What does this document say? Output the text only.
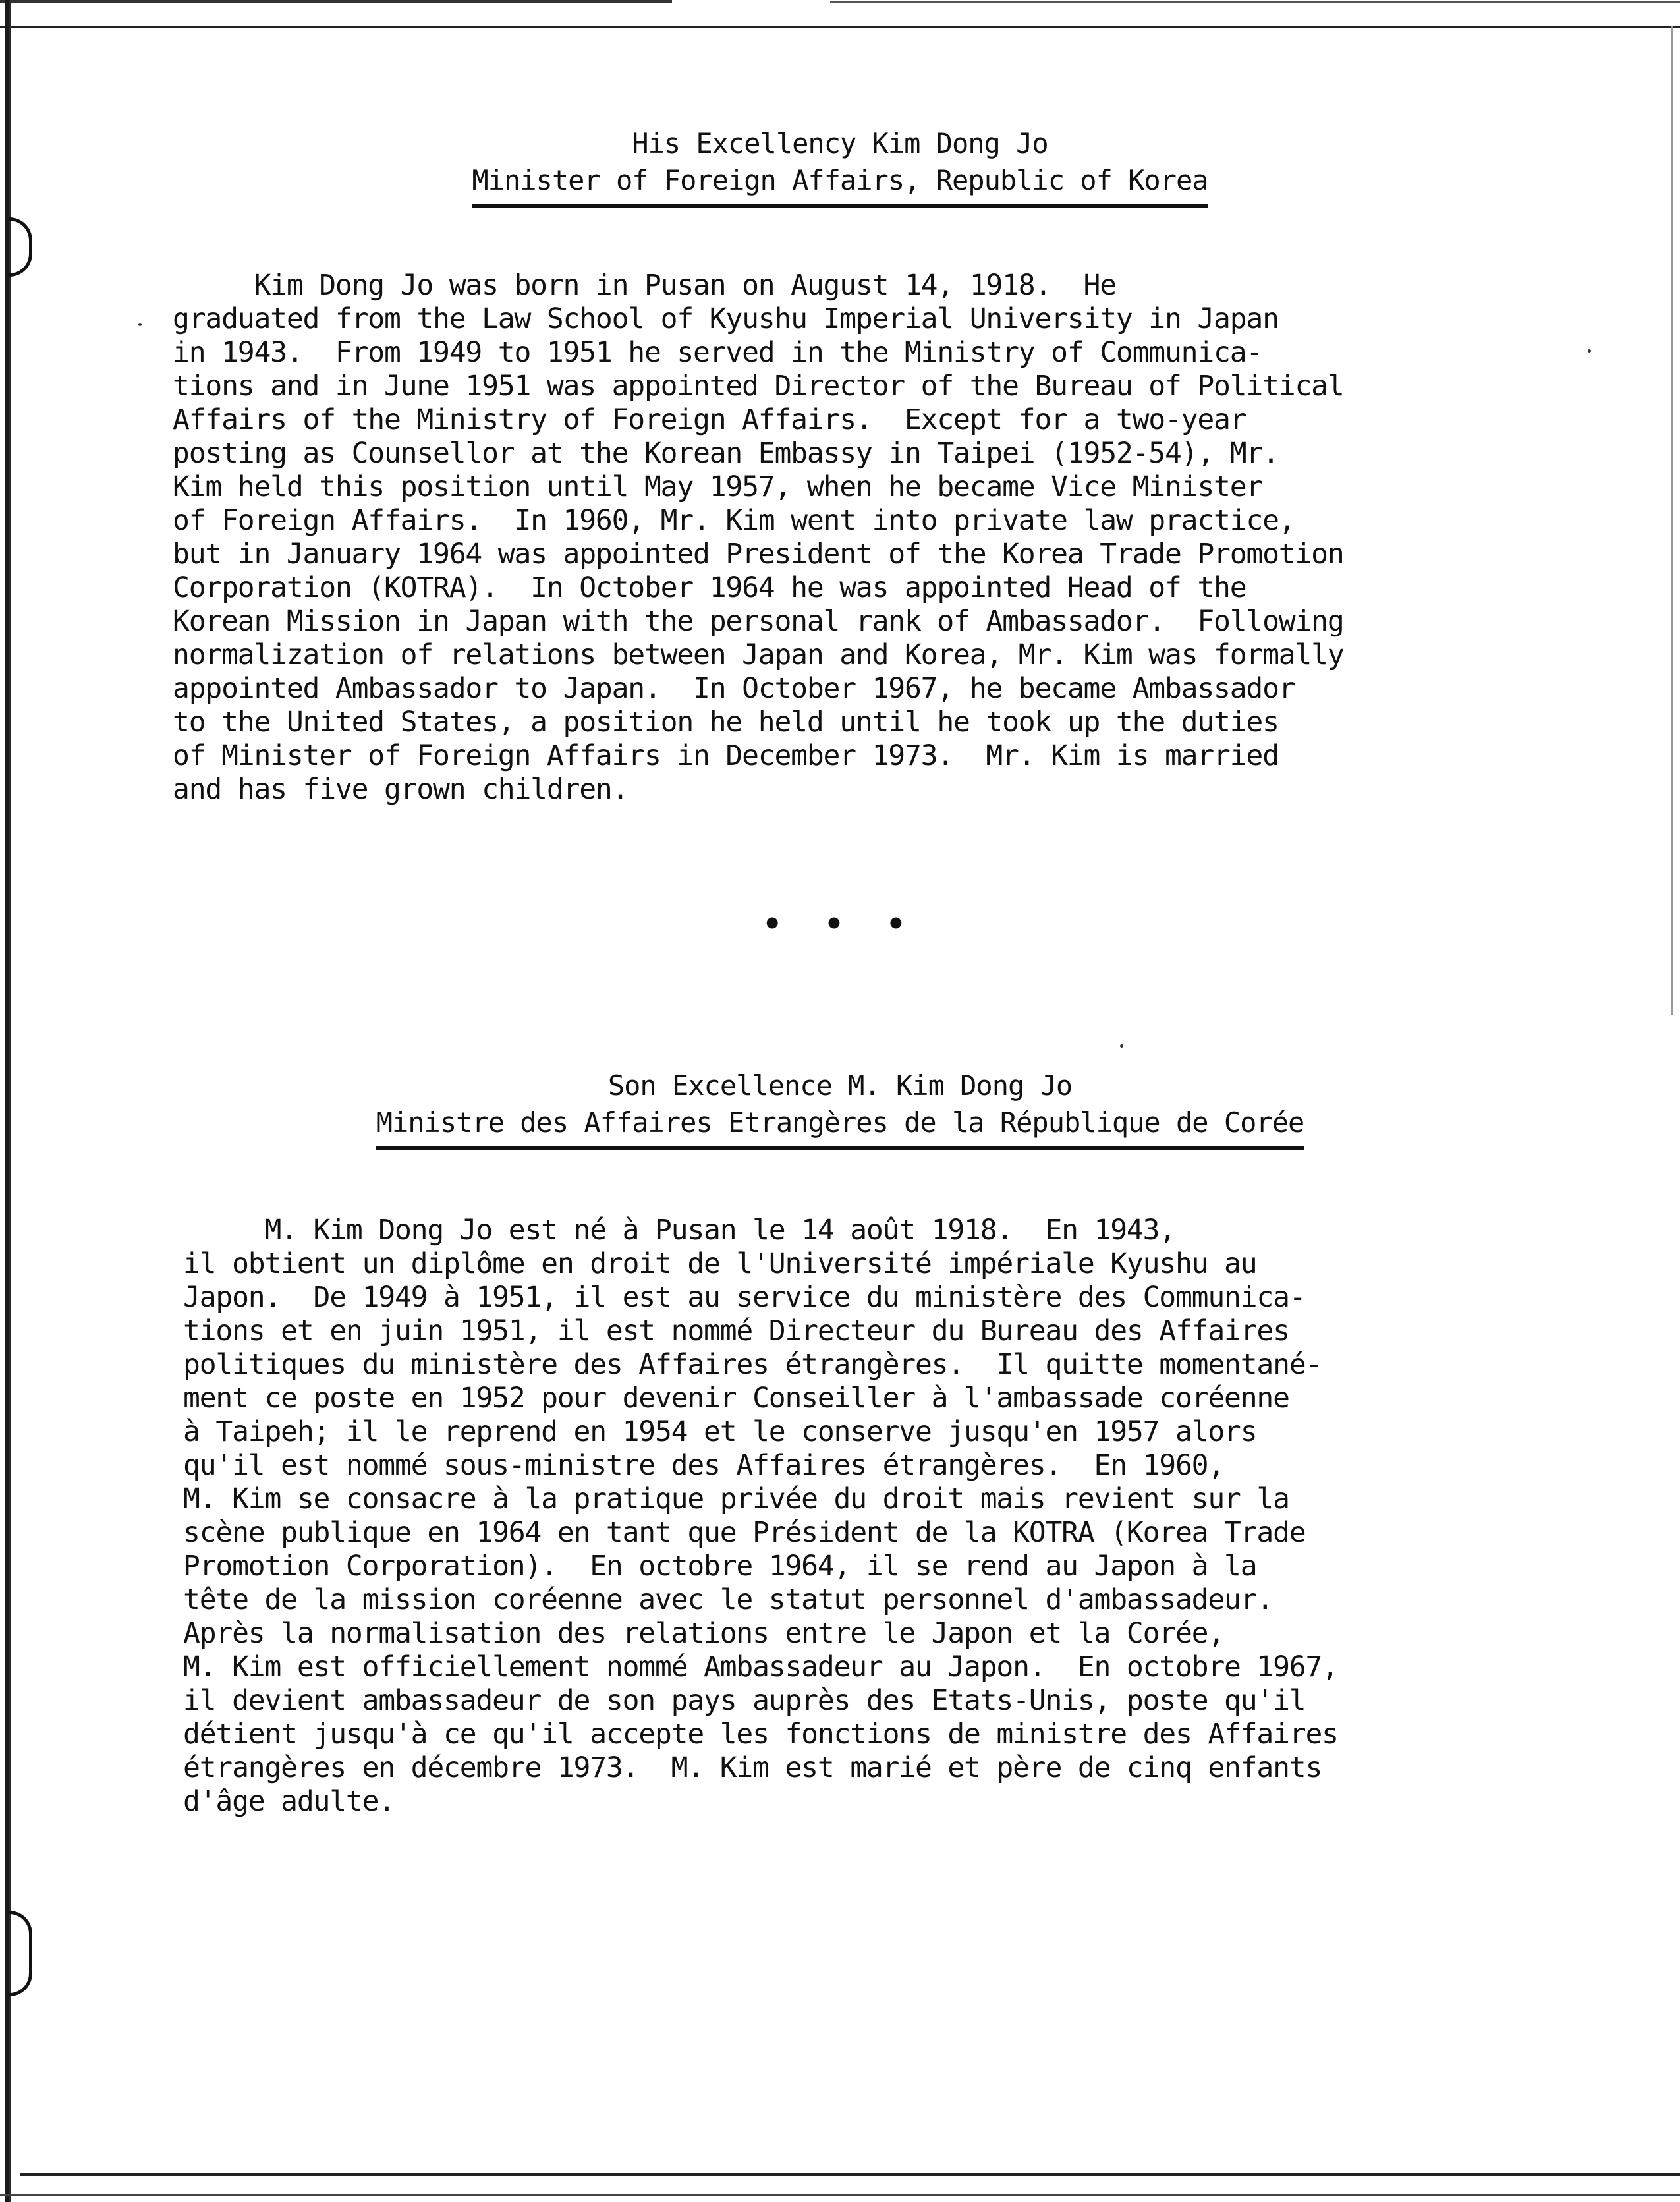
His Excellency Kim Dong Jo
Minister of Foreign Affairs, Republic of Korea
Kim Dong Jo was born in Pusan on August 14, 1918.  He
graduated from the Law School of Kyushu Imperial University in Japan
in 1943.  From 1949 to 1951 he served in the Ministry of Communica-
tions and in June 1951 was appointed Director of the Bureau of Political
Affairs of the Ministry of Foreign Affairs.  Except for a two-year
posting as Counsellor at the Korean Embassy in Taipei (1952-54), Mr.
Kim held this position until May 1957, when he became Vice Minister
of Foreign Affairs.  In 1960, Mr. Kim went into private law practice,
but in January 1964 was appointed President of the Korea Trade Promotion
Corporation (KOTRA).  In October 1964 he was appointed Head of the
Korean Mission in Japan with the personal rank of Ambassador.  Following
normalization of relations between Japan and Korea, Mr. Kim was formally
appointed Ambassador to Japan.  In October 1967, he became Ambassador
to the United States, a position he held until he took up the duties
of Minister of Foreign Affairs in December 1973.  Mr. Kim is married
and has five grown children.
• • •
Son Excellence M. Kim Dong Jo
Ministre des Affaires Etrangères de la République de Corée
M. Kim Dong Jo est né à Pusan le 14 août 1918.  En 1943,
il obtient un diplôme en droit de l'Université impériale Kyushu au
Japon.  De 1949 à 1951, il est au service du ministère des Communica-
tions et en juin 1951, il est nommé Directeur du Bureau des Affaires
politiques du ministère des Affaires étrangères.  Il quitte momentané-
ment ce poste en 1952 pour devenir Conseiller à l'ambassade coréenne
à Taipeh; il le reprend en 1954 et le conserve jusqu'en 1957 alors
qu'il est nommé sous-ministre des Affaires étrangères.  En 1960,
M. Kim se consacre à la pratique privée du droit mais revient sur la
scène publique en 1964 en tant que Président de la KOTRA (Korea Trade
Promotion Corporation).  En octobre 1964, il se rend au Japon à la
tête de la mission coréenne avec le statut personnel d'ambassadeur.
Après la normalisation des relations entre le Japon et la Corée,
M. Kim est officiellement nommé Ambassadeur au Japon.  En octobre 1967,
il devient ambassadeur de son pays auprès des Etats-Unis, poste qu'il
détient jusqu'à ce qu'il accepte les fonctions de ministre des Affaires
étrangères en décembre 1973.  M. Kim est marié et père de cinq enfants
d'âge adulte.
